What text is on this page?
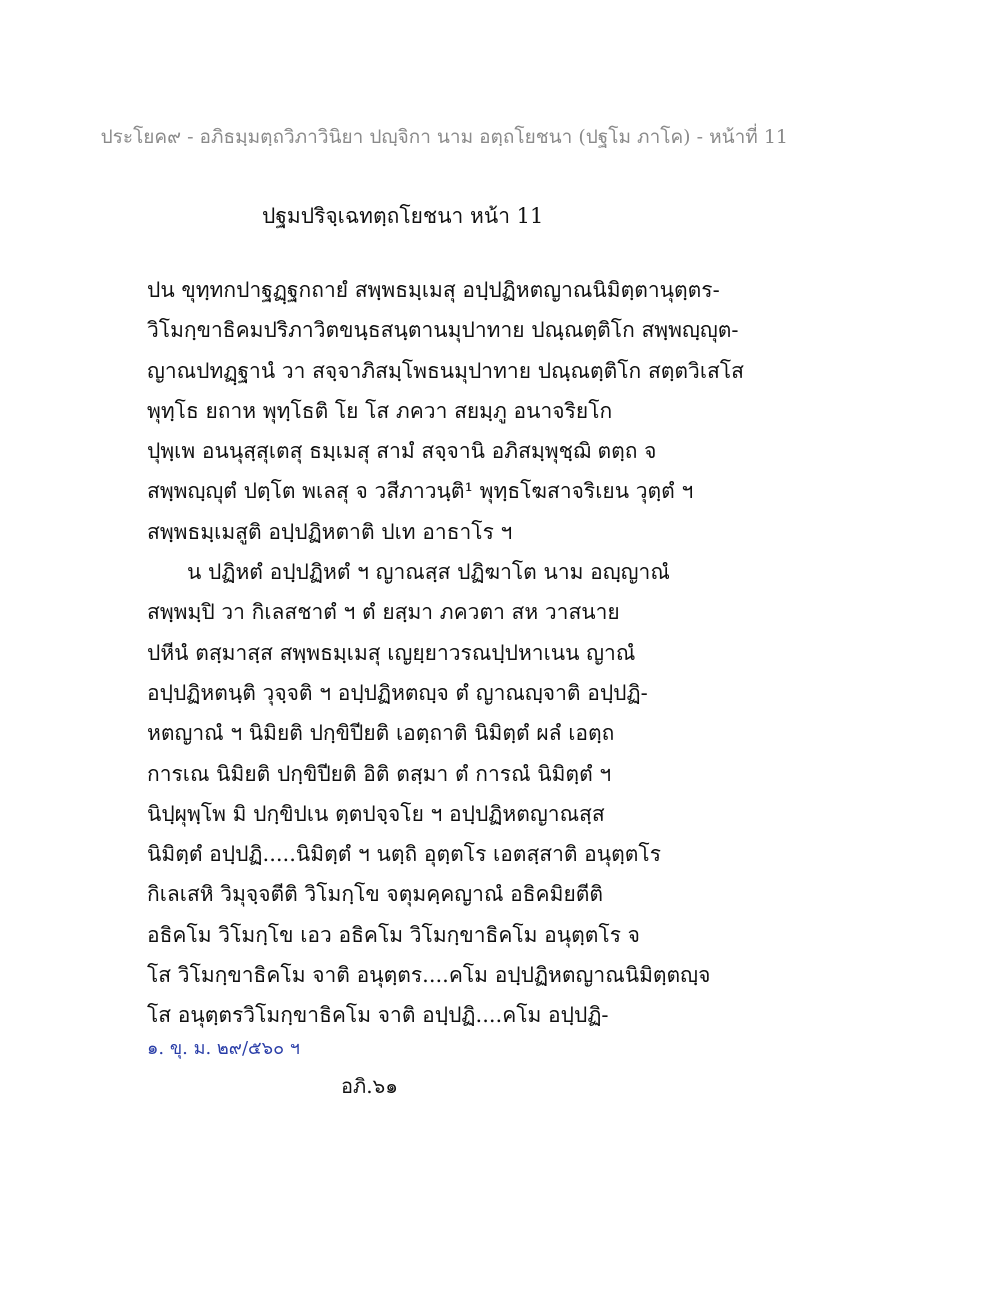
ประโยค๙ - อภิธมฺมตฺถวิภาวินิยา ปญฺจิกา นาม อตฺถโยชนา (ปฐโม ภาโค) - หน้าที่ 11
ปฐมปริจฺเฉทตฺถโยชนา หน้า 11
ปน ขุทฺทกปาฐฏฺฐกถายํ สพฺพธมฺเมสุ อปฺปฏิหตญาณนิมิตฺตานุตฺตร-
วิโมกฺขาธิคมปริภาวิตขนฺธสนฺตานมุปาทาย ปณฺณตฺติโก สพฺพญฺญุต-
ญาณปทฏฺฐานํ วา สจฺจาภิสมฺโพธนมุปาทาย ปณฺณตฺติโก สตฺตวิเสโส
พุทฺโธ ยถาห พุทฺโธติ โย โส ภควา สยมฺภู อนาจริยโก
ปุพฺเพ อนนุสฺสุเตสุ ธมฺเมสุ สามํ สจฺจานิ อภิสมฺพุชฺฌิ ตตฺถ จ
สพฺพญฺญุตํ ปตฺโต พเลสุ จ วสีภาวนฺติ¹ พุทฺธโฆสาจริเยน วุตฺตํ ฯ
สพฺพธมฺเมสูติ อปฺปฏิหตาติ ปเท อาธาโร ฯ
น ปฏิหตํ อปฺปฏิหตํ ฯ ญาณสฺส ปฏิฆาโต นาม อญฺญาณํ
สพฺพมฺปิ วา กิเลสชาตํ ฯ ตํ ยสฺมา ภควตา สห วาสนาย
ปหีนํ ตสฺมาสฺส สพฺพธมฺเมสุ เญยฺยาวรณปฺปหาเนน ญาณํ
อปฺปฏิหตนฺติ วุจฺจติ ฯ อปฺปฏิหตญฺจ ตํ ญาณญฺจาติ อปฺปฏิ-
หตญาณํ ฯ นิมิยติ ปกฺขิปียติ เอตฺถาติ นิมิตฺตํ ผลํ เอตฺถ
การเณ นิมิยติ ปกฺขิปียติ อิติ ตสฺมา ตํ การณํ นิมิตฺตํ ฯ
นิปฺผุพฺโพ มิ ปกฺขิปเน ตฺตปจฺจโย ฯ อปฺปฏิหตญาณสฺส
นิมิตฺตํ อปฺปฏิ.....นิมิตฺตํ ฯ นตฺถิ อุตฺตโร เอตสฺสาติ อนุตฺตโร
กิเลเสหิ วิมุจฺจตีติ วิโมกฺโข จตุมคฺคญาณํ อธิคมิยตีติ
อธิคโม วิโมกฺโข เอว อธิคโม วิโมกฺขาธิคโม อนุตฺตโร จ
โส วิโมกฺขาธิคโม จาติ อนุตฺตร....คโม อปฺปฏิหตญาณนิมิตฺตญฺจ
โส อนุตฺตรวิโมกฺขาธิคโม จาติ อปฺปฏิ....คโม อปฺปฏิ-
๑. ขุ. ม. ๒๙/๕๖๐ ฯ
อภิ.๖๑
